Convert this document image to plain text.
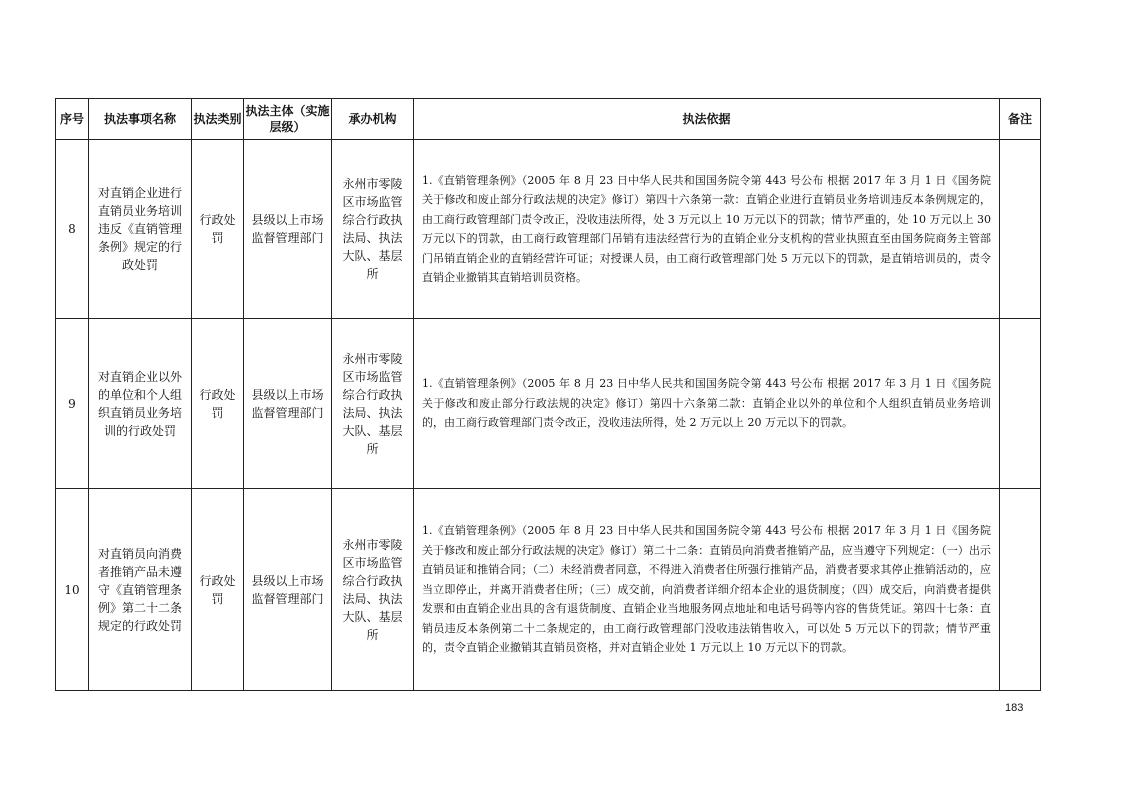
序号	执法事项名称	执法类别	执法主体（实施层级）	承办机构	执法依据	备注
8	对直销企业进行直销员业务培训违反《直销管理条例》规定的行政处罚	行政处罚	县级以上市场监督管理部门	永州市零陵区市场监管综合行政执法局、执法大队、基层所	1.《直销管理条例》（2005 年 8 月 23 日中华人民共和国国务院令第 443 号公布 根据 2017 年 3 月 1 日《国务院关于修改和废止部分行政法规的决定》修订）第四十六条第一款：直销企业进行直销员业务培训违反本条例规定的，由工商行政管理部门责令改正，没收违法所得，处 3 万元以上 10 万元以下的罚款；情节严重的，处 10 万元以上 30 万元以下的罚款，由工商行政管理部门吊销有违法经营行为的直销企业分支机构的营业执照直至由国务院商务主管部门吊销直销企业的直销经营许可证；对授课人员，由工商行政管理部门处 5 万元以下的罚款，是直销培训员的，责令直销企业撤销其直销培训员资格。	
9	对直销企业以外的单位和个人组织直销员业务培训的行政处罚	行政处罚	县级以上市场监督管理部门	永州市零陵区市场监管综合行政执法局、执法大队、基层所	1.《直销管理条例》（2005 年 8 月 23 日中华人民共和国国务院令第 443 号公布 根据 2017 年 3 月 1 日《国务院关于修改和废止部分行政法规的决定》修订）第四十六条第二款：直销企业以外的单位和个人组织直销员业务培训的，由工商行政管理部门责令改正，没收违法所得，处 2 万元以上 20 万元以下的罚款。	
10	对直销员向消费者推销产品未遵守《直销管理条例》第二十二条规定的行政处罚	行政处罚	县级以上市场监督管理部门	永州市零陵区市场监管综合行政执法局、执法大队、基层所	1.《直销管理条例》（2005 年 8 月 23 日中华人民共和国国务院令第 443 号公布 根据 2017 年 3 月 1 日《国务院关于修改和废止部分行政法规的决定》修订）第二十二条：直销员向消费者推销产品，应当遵守下列规定：（一）出示直销员证和推销合同；（二）未经消费者同意，不得进入消费者住所强行推销产品，消费者要求其停止推销活动的，应当立即停止，并离开消费者住所；（三）成交前，向消费者详细介绍本企业的退货制度；（四）成交后，向消费者提供发票和由直销企业出具的含有退货制度、直销企业当地服务网点地址和电话号码等内容的售货凭证。第四十七条：直销员违反本条例第二十二条规定的，由工商行政管理部门没收违法销售收入，可以处 5 万元以下的罚款；情节严重的，责令直销企业撤销其直销员资格，并对直销企业处 1 万元以上 10 万元以下的罚款。	
183
